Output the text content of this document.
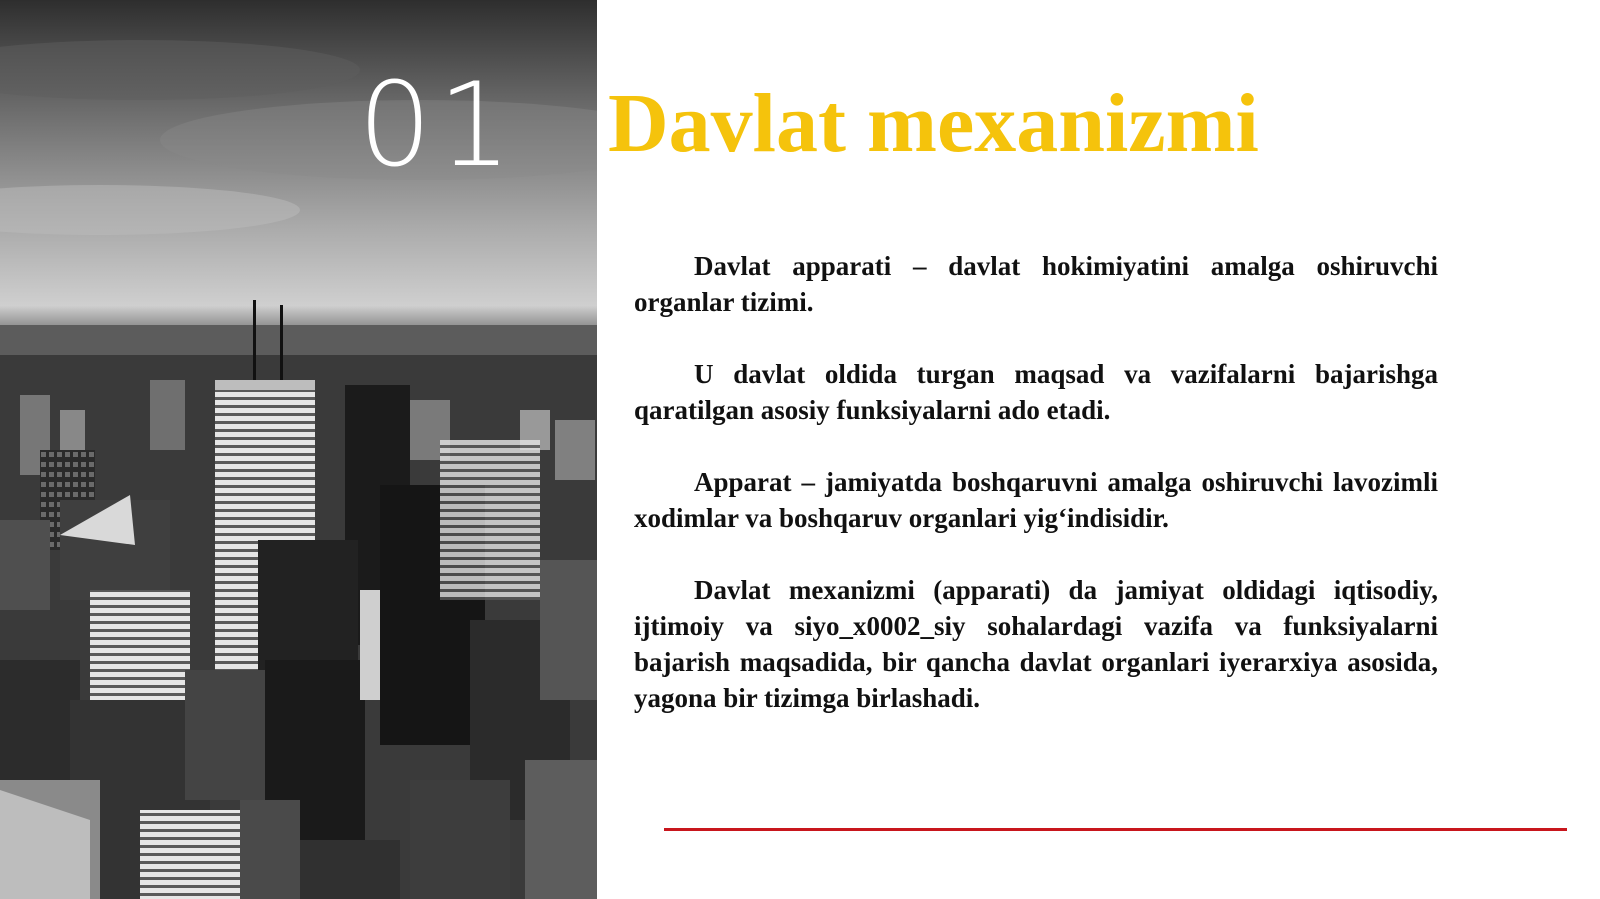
01 Davlat mexanizmi

Davlat apparati – davlat hokimiyatini amalga oshiruvchi organlar tizimi.

U davlat oldida turgan maqsad va vazifalarni bajarishga qaratilgan asosiy funksiyalarni ado etadi.

Apparat – jamiyatda boshqaruvni amalga oshiruvchi lavozimli xodimlar va boshqaruv organlari yig‘indisidir.

Davlat mexanizmi (apparati) da jamiyat oldidagi iqtisodiy, ijtimoiy va siyo_x0002_siy sohalardagi vazifa va funksiyalarni bajarish maqsadida, bir qancha davlat organlari iyerarxiya asosida, yagona bir tizimga birlashadi.
